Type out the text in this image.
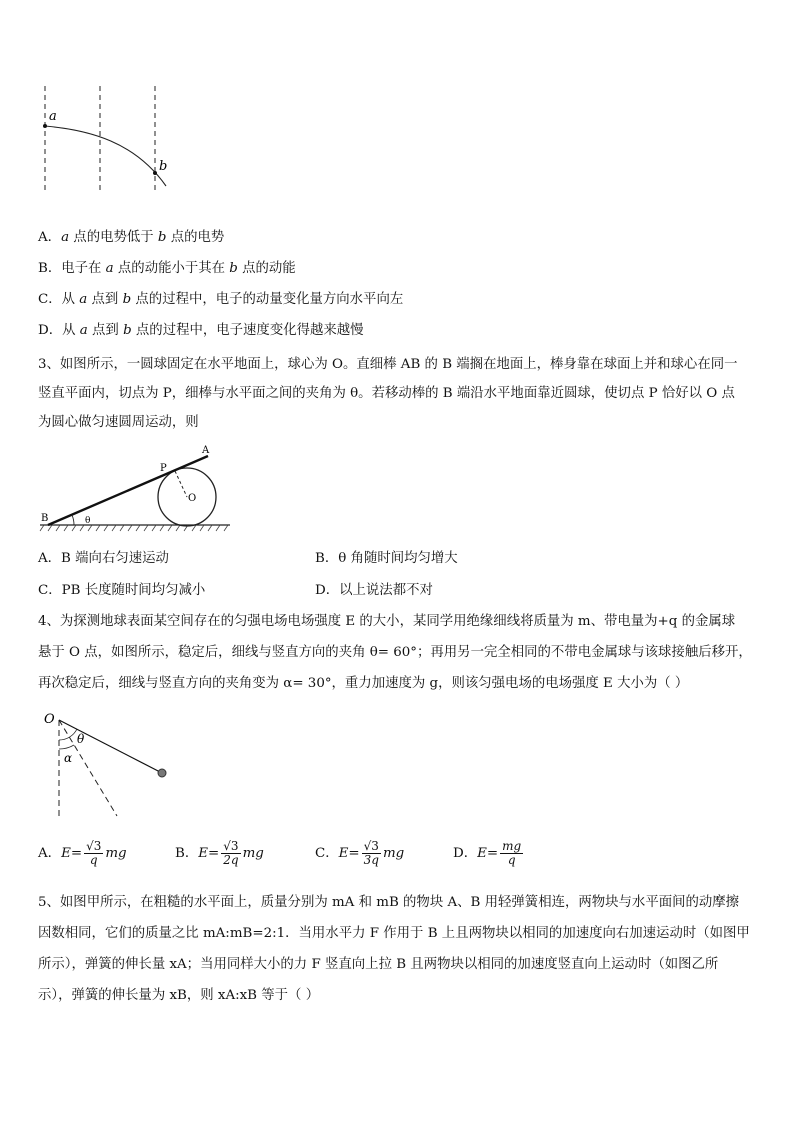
a
b
A．a 点的电势低于 b 点的电势
B．电子在 a 点的动能小于其在 b 点的动能
C．从 a 点到 b 点的过程中，电子的动量变化量方向水平向左
D．从 a 点到 b 点的过程中，电子速度变化得越来越慢
3、如图所示，一圆球固定在水平地面上，球心为 O。直细棒 AB 的 B 端搁在地面上，棒身靠在球面上并和球心在同一
竖直平面内，切点为 P，细棒与水平面之间的夹角为 θ。若移动棒的 B 端沿水平地面靠近圆球，使切点 P 恰好以 O 点
为圆心做匀速圆周运动，则
A
P
O
B	θ
A．B 端向右匀速运动	B．θ 角随时间均匀增大
C．PB 长度随时间均匀减小	D．以上说法都不对
4、为探测地球表面某空间存在的匀强电场电场强度 E 的大小，某同学用绝缘细线将质量为 m、带电量为+q 的金属球
悬于 O 点，如图所示，稳定后，细线与竖直方向的夹角 θ= 60°；再用另一完全相同的不带电金属球与该球接触后移开，
再次稳定后，细线与竖直方向的夹角变为 α= 30°，重力加速度为 g，则该匀强电场的电场强度 E 大小为（ ）
O
θ
α
A．$E= \frac{√3}{q}$ mg	B．$E= \frac{√3}{2q}$ mg	C．$E= \frac{√3}{3q}$ mg	D．$E= \frac{mg}{q}$
5、如图甲所示，在粗糙的水平面上，质量分别为 mA 和 mB 的物块 A、B 用轻弹簧相连，两物块与水平面间的动摩擦
因数相同，它们的质量之比 mA:mB=2:1．当用水平力 F 作用于 B 上且两物块以相同的加速度向右加速运动时（如图甲
所示），弹簧的伸长量 xA；当用同样大小的力 F 竖直向上拉 B 且两物块以相同的加速度竖直向上运动时（如图乙所
示），弹簧的伸长量为 xB，则 xA:xB 等于（ ）
